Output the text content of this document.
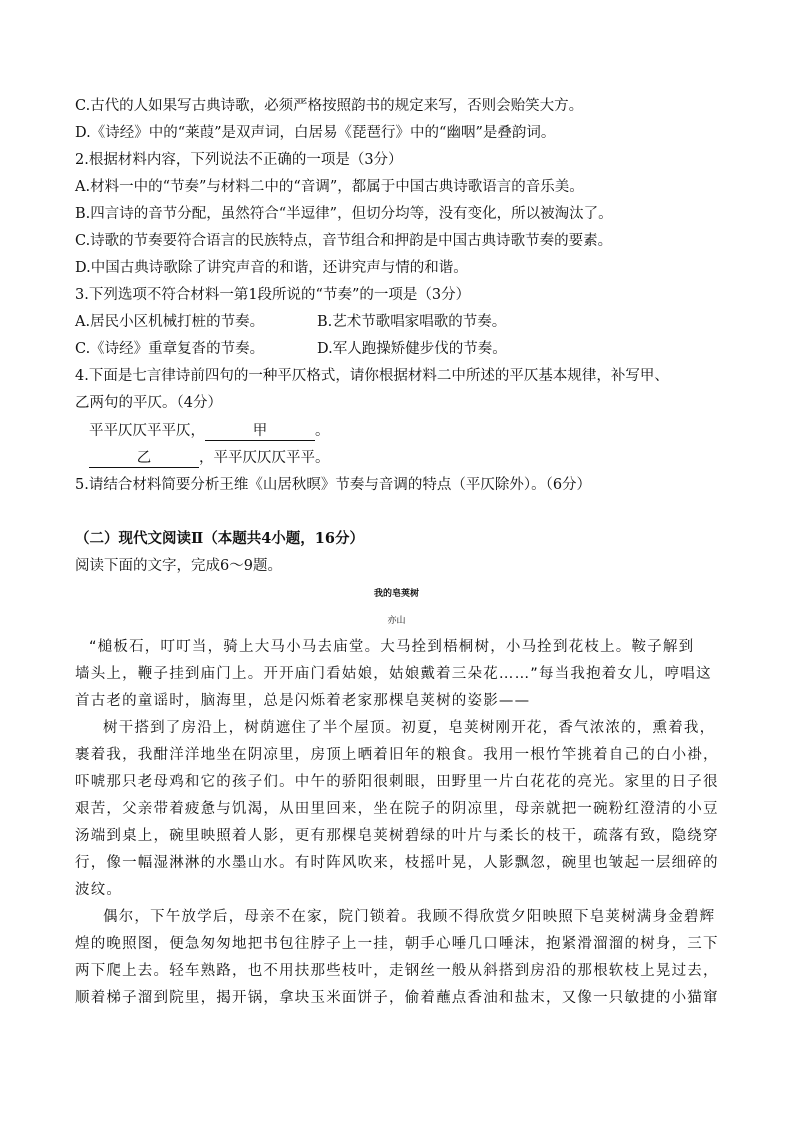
C.古代的人如果写古典诗歌，必须严格按照韵书的规定来写，否则会贻笑大方。
D.《诗经》中的“莱葭”是双声词，白居易《琵琶行》中的“幽咽”是叠韵词。
2.根据材料内容，下列说法不正确的一项是（3分）
A.材料一中的“节奏”与材料二中的“音调”，都属于中国古典诗歌语言的音乐美。
B.四言诗的音节分配，虽然符合“半逗律”，但切分均等，没有变化，所以被淘汰了。
C.诗歌的节奏要符合语言的民族特点，音节组合和押韵是中国古典诗歌节奏的要素。
D.中国古典诗歌除了讲究声音的和谐，还讲究声与情的和谐。
3.下列选项不符合材料一第1段所说的“节奏”的一项是（3分）
A.居民小区机械打桩的节奏。	B.艺术节歌唱家唱歌的节奏。
C.《诗经》重章复沓的节奏。	D.军人跑操矫健步伐的节奏。
4.下面是七言律诗前四句的一种平仄格式，请你根据材料二中所述的平仄基本规律，补写甲、
乙两句的平仄。（4分）
平平仄仄平平仄，	甲	。
乙	，平平仄仄仄平平。
5.请结合材料简要分析王维《山居秋暝》节奏与音调的特点（平仄除外）。（6分）
（二）现代文阅读Ⅱ（本题共4小题，16分）
阅读下面的文字，完成6～9题。
我的皂荚树
亦山
“槌板石，叮叮当，骑上大马小马去庙堂。大马拴到梧桐树，小马拴到花枝上。鞍子解到
墙头上，鞭子挂到庙门上。开开庙门看姑娘，姑娘戴着三朵花……”每当我抱着女儿，哼唱这
首古老的童谣时，脑海里，总是闪烁着老家那棵皂荚树的姿影——
树干搭到了房沿上，树荫遮住了半个屋顶。初夏，皂荚树刚开花，香气浓浓的，熏着我，
裹着我，我酣洋洋地坐在阴凉里，房顶上晒着旧年的粮食。我用一根竹竿挑着自己的白小褂，
吓唬那只老母鸡和它的孩子们。中午的骄阳很刺眼，田野里一片白花花的亮光。家里的日子很
艰苦，父亲带着疲惫与饥渴，从田里回来，坐在院子的阴凉里，母亲就把一碗粉红澄清的小豆
汤端到桌上，碗里映照着人影，更有那棵皂荚树碧绿的叶片与柔长的枝干，疏落有致，隐绕穿
行，像一幅湿淋淋的水墨山水。有时阵风吹来，枝摇叶晃，人影飘忽，碗里也皱起一层细碎的
波纹。
偶尔，下午放学后，母亲不在家，院门锁着。我顾不得欣赏夕阳映照下皂荚树满身金碧辉
煌的晚照图，便急匆匆地把书包往脖子上一挂，朝手心唾几口唾沫，抱紧滑溜溜的树身，三下
两下爬上去。轻车熟路，也不用扶那些枝叶，走钢丝一般从斜搭到房沿的那根软枝上晃过去，
顺着梯子溜到院里，揭开锅，拿块玉米面饼子，偷着蘸点香油和盐末，又像一只敏捷的小猫窜
